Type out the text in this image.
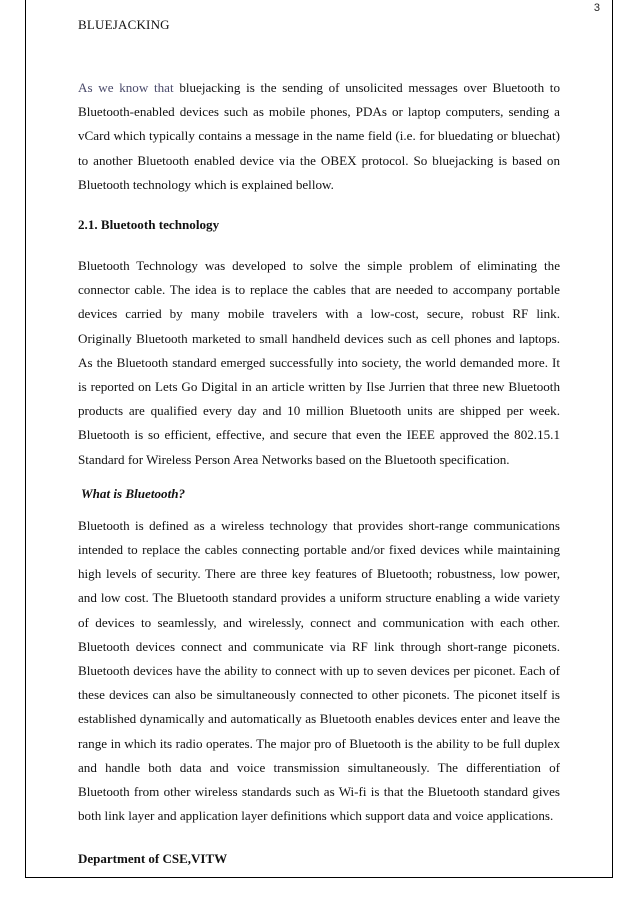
3
BLUEJACKING

As we know that bluejacking is the sending of unsolicited messages over Bluetooth to Bluetooth-enabled devices such as mobile phones, PDAs or laptop computers, sending a vCard which typically contains a message in the name field (i.e. for bluedating or bluechat) to another Bluetooth enabled device via the OBEX protocol. So bluejacking is based on Bluetooth technology which is explained bellow.

2.1. Bluetooth technology

Bluetooth Technology was developed to solve the simple problem of eliminating the connector cable. The idea is to replace the cables that are needed to accompany portable devices carried by many mobile travelers with a low-cost, secure, robust RF link. Originally Bluetooth marketed to small handheld devices such as cell phones and laptops. As the Bluetooth standard emerged successfully into society, the world demanded more. It is reported on Lets Go Digital in an article written by Ilse Jurrien that three new Bluetooth products are qualified every day and 10 million Bluetooth units are shipped per week. Bluetooth is so efficient, effective, and secure that even the IEEE approved the 802.15.1 Standard for Wireless Person Area Networks based on the Bluetooth specification.

What is Bluetooth?

Bluetooth is defined as a wireless technology that provides short-range communications intended to replace the cables connecting portable and/or fixed devices while maintaining high levels of security. There are three key features of Bluetooth; robustness, low power, and low cost. The Bluetooth standard provides a uniform structure enabling a wide variety of devices to seamlessly, and wirelessly, connect and communication with each other. Bluetooth devices connect and communicate via RF link through short-range piconets. Bluetooth devices have the ability to connect with up to seven devices per piconet. Each of these devices can also be simultaneously connected to other piconets. The piconet itself is established dynamically and automatically as Bluetooth enables devices enter and leave the range in which its radio operates. The major pro of Bluetooth is the ability to be full duplex and handle both data and voice transmission simultaneously. The differentiation of Bluetooth from other wireless standards such as Wi-fi is that the Bluetooth standard gives both link layer and application layer definitions which support data and voice applications.

Department of CSE,VITW
